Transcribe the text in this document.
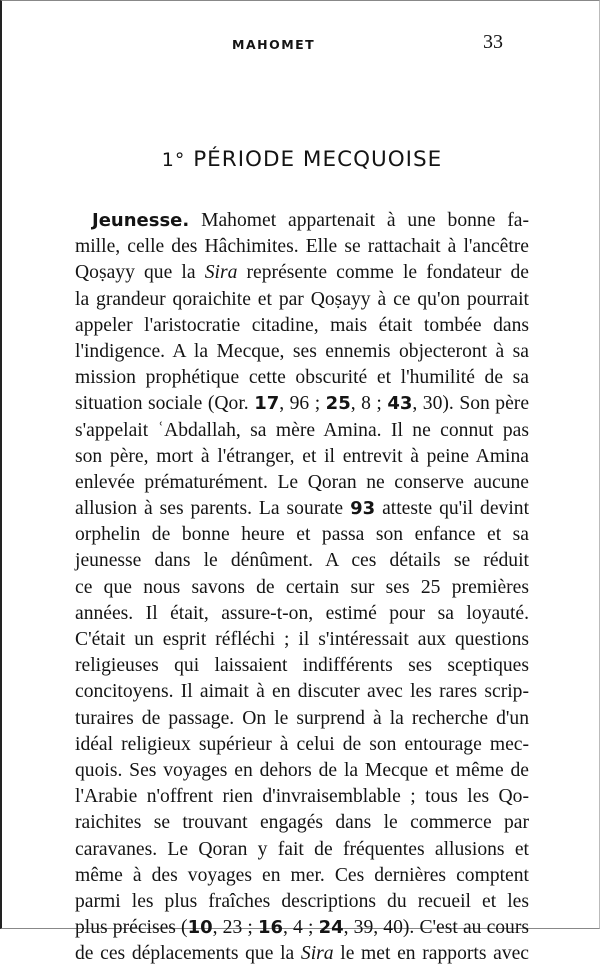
MAHOMET	33
1° PÉRIODE MECQUOISE
Jeunesse. Mahomet appartenait à une bonne fa-
mille, celle des Hâchimites. Elle se rattachait à l'ancêtre
Qoṣayy que la Sira représente comme le fondateur de
la grandeur qoraichite et par Qoṣayy à ce qu'on pourrait
appeler l'aristocratie citadine, mais était tombée dans
l'indigence. A la Mecque, ses ennemis objecteront à sa
mission prophétique cette obscurité et l'humilité de sa
situation sociale (Qor. 17, 96 ; 25, 8 ; 43, 30). Son père
s'appelait ʿAbdallah, sa mère Amina. Il ne connut pas
son père, mort à l'étranger, et il entrevit à peine Amina
enlevée prématurément. Le Qoran ne conserve aucune
allusion à ses parents. La sourate 93 atteste qu'il devint
orphelin de bonne heure et passa son enfance et sa
jeunesse dans le dénûment. A ces détails se réduit
ce que nous savons de certain sur ses 25 premières
années. Il était, assure-t-on, estimé pour sa loyauté.
C'était un esprit réfléchi ; il s'intéressait aux questions
religieuses qui laissaient indifférents ses sceptiques
concitoyens. Il aimait à en discuter avec les rares scrip-
turaires de passage. On le surprend à la recherche d'un
idéal religieux supérieur à celui de son entourage mec-
quois. Ses voyages en dehors de la Mecque et même de
l'Arabie n'offrent rien d'invraisemblable ; tous les Qo-
raichites se trouvant engagés dans le commerce par
caravanes. Le Qoran y fait de fréquentes allusions et
même à des voyages en mer. Ces dernières comptent
parmi les plus fraîches descriptions du recueil et les
plus précises (10, 23 ; 16, 4 ; 24, 39, 40). C'est au cours
de ces déplacements que la Sira le met en rapports avec
